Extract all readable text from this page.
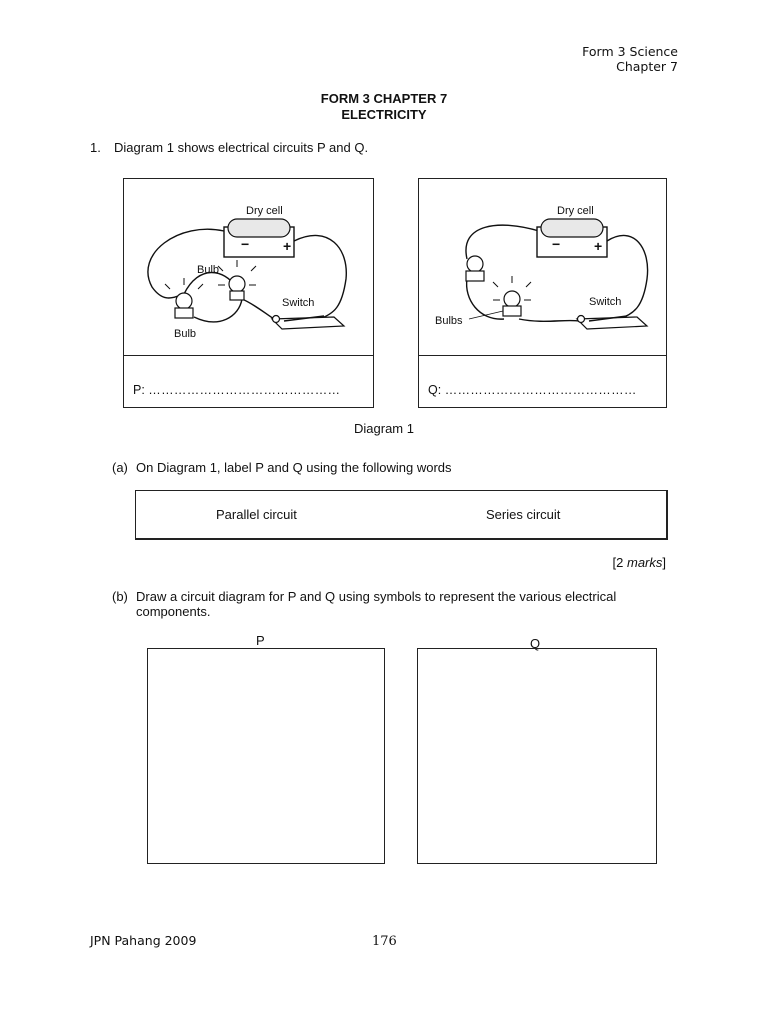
Form 3 Science
Chapter 7
FORM 3 CHAPTER 7
ELECTRICITY
1. Diagram 1 shows electrical circuits P and Q.
Dry cell
− +
Bulb
Bulb
Switch
P: ………………………………………
Dry cell
− +
Bulbs
Switch
Q: ………………………………………
Diagram 1
(a) On Diagram 1, label P and Q using the following words
Parallel circuit	Series circuit
[2 marks]
(b) Draw a circuit diagram for P and Q using symbols to represent the various electrical
components.
P	Q
JPN Pahang 2009	176
